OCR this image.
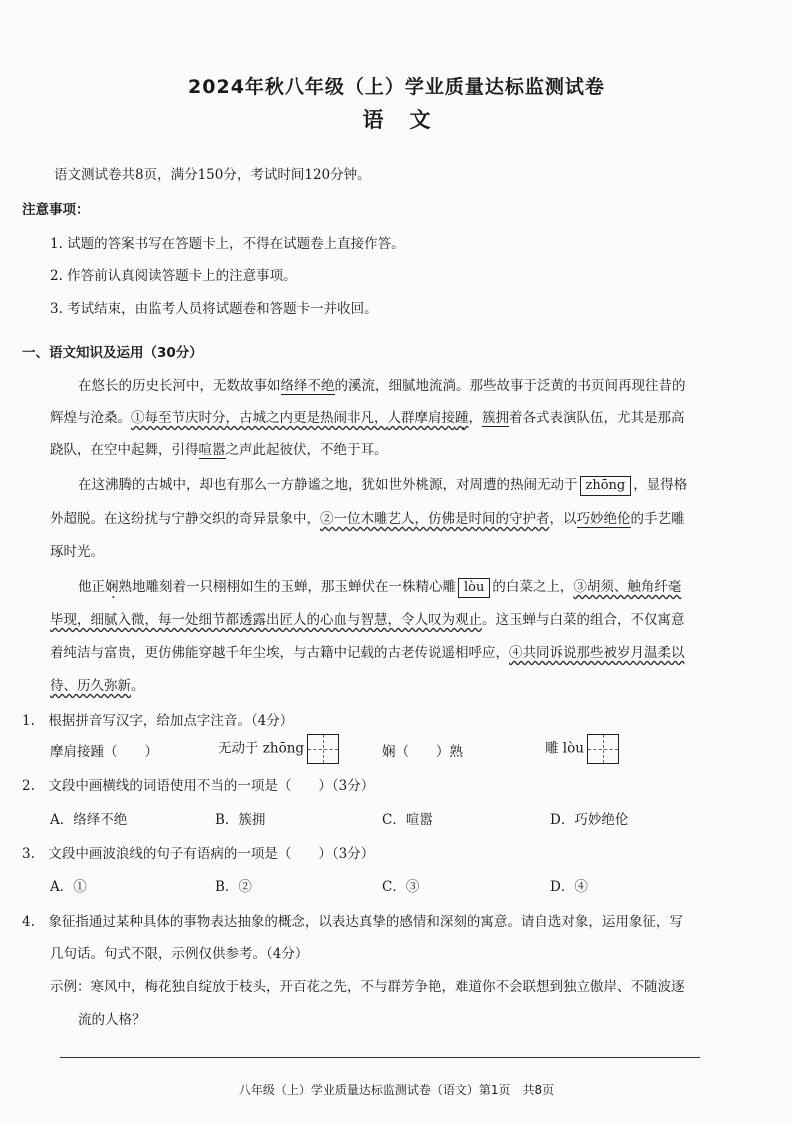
2024年秋八年级（上）学业质量达标监测试卷
语文
语文测试卷共8页，满分150分，考试时间120分钟。
注意事项：
1. 试题的答案书写在答题卡上，不得在试题卷上直接作答。
2. 作答前认真阅读答题卡上的注意事项。
3. 考试结束，由监考人员将试题卷和答题卡一并收回。
一、语文知识及运用（30分）
在悠长的历史长河中，无数故事如络绎不绝的溪流，细腻地流淌。那些故事于泛黄的书页间再现往昔的
辉煌与沧桑。①每至节庆时分，古城之内更是热闹非凡，人群摩肩接踵，簇拥着各式表演队伍，尤其是那高
跷队，在空中起舞，引得喧嚣之声此起彼伏，不绝于耳。
在这沸腾的古城中，却也有那么一方静谧之地，犹如世外桃源，对周遭的热闹无动于 zhōng ，显得格
外超脱。在这纷扰与宁静交织的奇异景象中，②一位木雕艺人，仿佛是时间的守护者，以巧妙绝伦的手艺雕
琢时光。
他正娴熟地雕刻着一只栩栩如生的玉蝉，那玉蝉伏在一株精心雕 lòu 的白菜之上，③胡须、触角纤毫
毕现，细腻入微，每一处细节都透露出匠人的心血与智慧，令人叹为观止。这玉蝉与白菜的组合，不仅寓意
着纯洁与富贵，更仿佛能穿越千年尘埃，与古籍中记载的古老传说遥相呼应，④共同诉说那些被岁月温柔以
待、历久弥新。
1.　根据拼音写汉字，给加点字注音。（4分）
摩肩接踵（　　）	无动于 zhōng	娴（　　）熟	雕 lòu
2.　文段中画横线的词语使用不当的一项是（　　）（3分）
A．络绎不绝	B．簇拥	C．喧嚣	D．巧妙绝伦
3.　文段中画波浪线的句子有语病的一项是（　　）（3分）
A．①	B．②	C．③	D．④
4.　象征指通过某种具体的事物表达抽象的概念，以表达真挚的感情和深刻的寓意。请自选对象，运用象征，写
几句话。句式不限，示例仅供参考。（4分）
示例：寒风中，梅花独自绽放于枝头，开百花之先，不与群芳争艳，难道你不会联想到独立傲岸、不随波逐
流的人格？
八年级（上）学业质量达标监测试卷（语文）第1页　共8页
